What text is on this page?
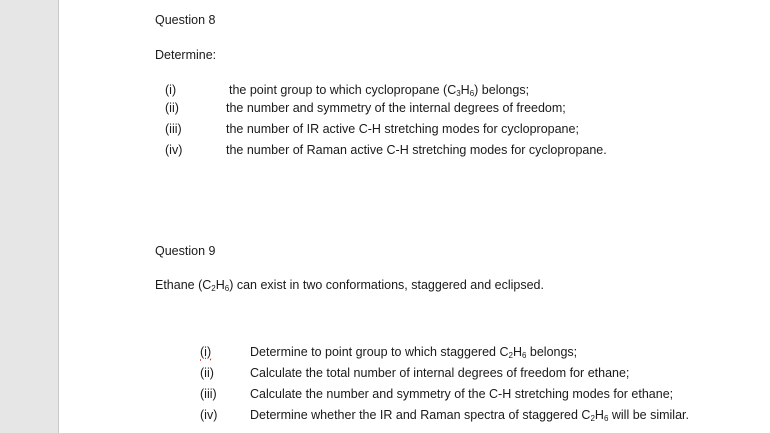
Question 8
Determine:
(i)	the point group to which cyclopropane $(C_3H_6)$ belongs;
(ii)	the number and symmetry of the internal degrees of freedom;
(iii)	the number of IR active C-H stretching modes for cyclopropane;
(iv)	the number of Raman active C-H stretching modes for cyclopropane.
Question 9
Ethane $(C_2H_6)$ can exist in two conformations, staggered and eclipsed.
(i)	Determine to point group to which staggered $C_2H_6$ belongs;
(ii)	Calculate the total number of internal degrees of freedom for ethane;
(iii)	Calculate the number and symmetry of the C-H stretching modes for ethane;
(iv)	Determine whether the IR and Raman spectra of staggered $C_2H_6$ will be similar.
